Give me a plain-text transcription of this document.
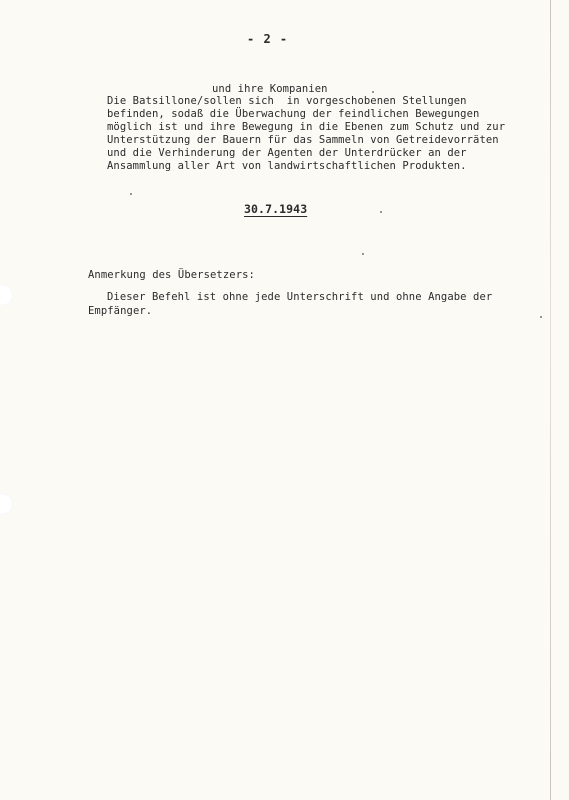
- 2 -

und ihre Kompanien

Die Batsillone/sollen sich  in vorgeschobenen Stellungen

befinden, sodaß die Überwachung der feindlichen Bewegungen

möglich ist und ihre Bewegung in die Ebenen zum Schutz und zur

Unterstützung der Bauern für das Sammeln von Getreidevorräten

und die Verhinderung der Agenten der Unterdrücker an der

Ansammlung aller Art von landwirtschaftlichen Produkten.

30.7.1943

Anmerkung des Übersetzers:

Dieser Befehl ist ohne jede Unterschrift und ohne Angabe der

Empfänger.
